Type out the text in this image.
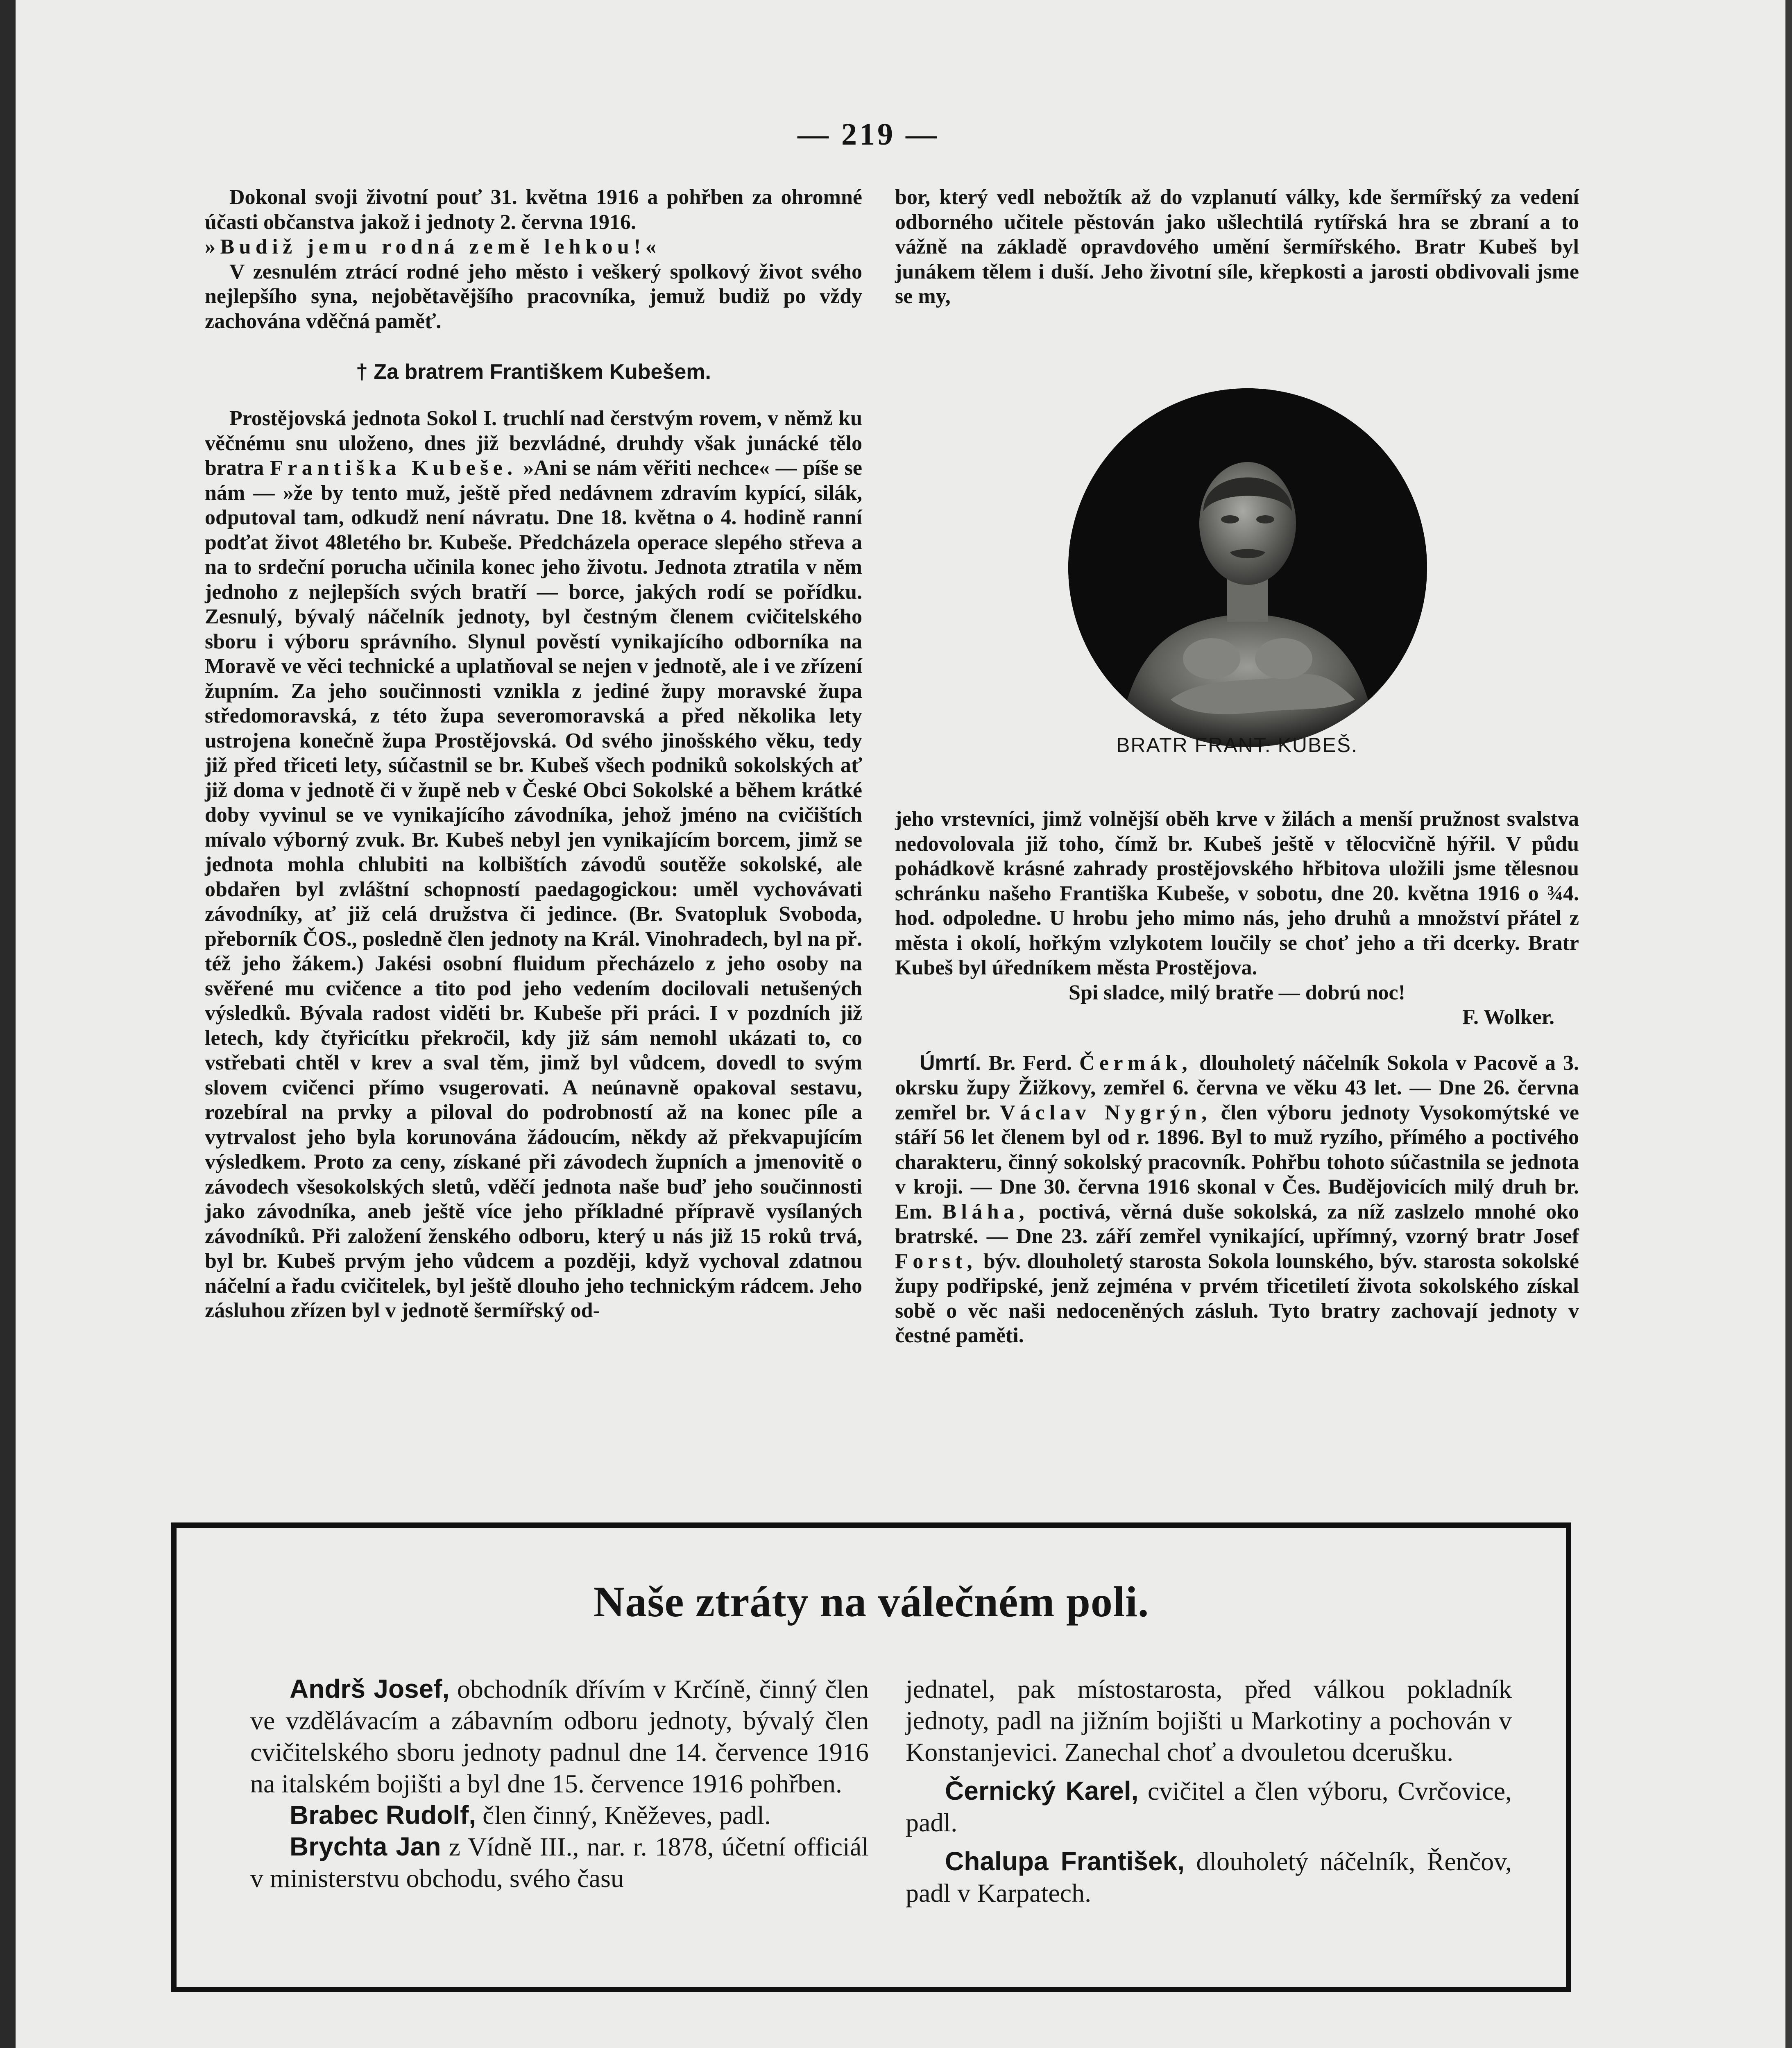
— 219 —

Dokonal svoji životní pouť 31. května 1916 a pohřben za ohromné účasti občanstva jakož i jednoty 2. června 1916.

»Budiž jemu rodná země lehkou!«

V zesnulém ztrácí rodné jeho město i veškerý spolkový život svého nejlepšího syna, nejobětavějšího pracovníka, jemuž budiž po vždy zachována vděčná paměť.

† Za bratrem Františkem Kubešem.

Prostějovská jednota Sokol I. truchlí nad čerstvým rovem, v němž ku věčnému snu uloženo, dnes již bezvládné, druhdy však junácké tělo bratra Františka Kubeše. »Ani se nám věřiti nechce« — píše se nám — »že by tento muž, ještě před nedávnem zdravím kypící, silák, odputoval tam, odkudž není návratu. Dne 18. května o 4. hodině ranní podťat život 48letého br. Kubeše. Předcházela operace slepého střeva a na to srdeční porucha učinila konec jeho životu. Jednota ztratila v něm jednoho z nejlepších svých bratří — borce, jakých rodí se pořídku. Zesnulý, bývalý náčelník jednoty, byl čestným členem cvičitelského sboru i výboru správního. Slynul pověstí vynikajícího odborníka na Moravě ve věci technické a uplatňoval se nejen v jednotě, ale i ve zřízení župním. Za jeho součinnosti vznikla z jediné župy moravské župa středomoravská, z této župa severomoravská a před několika lety ustrojena konečně župa Prostějovská. Od svého jinošského věku, tedy již před třiceti lety, súčastnil se br. Kubeš všech podniků sokolských ať již doma v jednotě či v župě neb v České Obci Sokolské a během krátké doby vyvinul se ve vynikajícího závodníka, jehož jméno na cvičištích mívalo výborný zvuk. Br. Kubeš nebyl jen vynikajícím borcem, jimž se jednota mohla chlubiti na kolbištích závodů soutěže sokolské, ale obdařen byl zvláštní schopností paedagogickou: uměl vychovávati závodníky, ať již celá družstva či jedince. (Br. Svatopluk Svoboda, přeborník ČOS., posledně člen jednoty na Král. Vinohradech, byl na př. též jeho žákem.) Jakési osobní fluidum přecházelo z jeho osoby na svěřené mu cvičence a tito pod jeho vedením docilovali netušených výsledků. Bývala radost viděti br. Kubeše při práci. I v pozdních již letech, kdy čtyřicítku překročil, kdy již sám nemohl ukázati to, co vstřebati chtěl v krev a sval těm, jimž byl vůdcem, dovedl to svým slovem cvičenci přímo vsugerovati. A neúnavně opakoval sestavu, rozebíral na prvky a piloval do podrobností až na konec píle a vytrvalost jeho byla korunována žádoucím, někdy až překvapujícím výsledkem. Proto za ceny, získané při závodech župních a jmenovitě o závodech všesokolských sletů, vděčí jednota naše buď jeho součinnosti jako závodníka, aneb ještě více jeho příkladné přípravě vysílaných závodníků. Při založení ženského odboru, který u nás již 15 roků trvá, byl br. Kubeš prvým jeho vůdcem a později, když vychoval zdatnou náčelní a řadu cvičitelek, byl ještě dlouho jeho technickým rádcem. Jeho zásluhou zřízen byl v jednotě šermířský od-

bor, který vedl nebožtík až do vzplanutí války, kde šermířský za vedení odborného učitele pěstován jako ušlechtilá rytířská hra se zbraní a to vážně na základě opravdového umění šermířského. Bratr Kubeš byl junákem tělem i duší. Jeho životní síle, křepkosti a jarosti obdivovali jsme se my,

BRATR FRANT. KUBEŠ.

jeho vrstevníci, jimž volnější oběh krve v žilách a menší pružnost svalstva nedovolovala již toho, čímž br. Kubeš ještě v tělocvičně hýřil. V půdu pohádkově krásné zahrady prostějovského hřbitova uložili jsme tělesnou schránku našeho Františka Kubeše, v sobotu, dne 20. května 1916 o ¾4. hod. odpoledne. U hrobu jeho mimo nás, jeho druhů a množství přátel z města i okolí, hořkým vzlykotem loučily se choť jeho a tři dcerky. Bratr Kubeš byl úředníkem města Prostějova.

Spi sladce, milý bratře — dobrú noc!

F. Wolker.

Úmrtí. Br. Ferd. Čermák, dlouholetý náčelník Sokola v Pacově a 3. okrsku župy Žižkovy, zemřel 6. června ve věku 43 let. — Dne 26. června zemřel br. Václav Nygrýn, člen výboru jednoty Vysokomýtské ve stáří 56 let členem byl od r. 1896. Byl to muž ryzího, přímého a poctivého charakteru, činný sokolský pracovník. Pohřbu tohoto súčastnila se jednota v kroji. — Dne 30. června 1916 skonal v Čes. Budějovicích milý druh br. Em. Bláha, poctivá, věrná duše sokolská, za níž zaslzelo mnohé oko bratrské. — Dne 23. září zemřel vynikající, upřímný, vzorný bratr Josef Forst, býv. dlouholetý starosta Sokola lounského, býv. starosta sokolské župy podřipské, jenž zejména v prvém třicetiletí života sokolského získal sobě o věc naši nedoceněných zásluh. Tyto bratry zachovají jednoty v čestné paměti.

Naše ztráty na válečném poli.

Andrš Josef, obchodník dřívím v Krčíně, činný člen ve vzdělávacím a zábavním odboru jednoty, bývalý člen cvičitelského sboru jednoty padnul dne 14. července 1916 na italském bojišti a byl dne 15. července 1916 pohřben.

Brabec Rudolf, člen činný, Kněževes, padl.

Brychta Jan z Vídně III., nar. r. 1878, účetní officiál v ministerstvu obchodu, svého času

jednatel, pak místostarosta, před válkou pokladník jednoty, padl na jižním bojišti u Markotiny a pochován v Konstanjevici. Zanechal choť a dvouletou dcerušku.

Černický Karel, cvičitel a člen výboru, Cvrčovice, padl.

Chalupa František, dlouholetý náčelník, Řenčov, padl v Karpatech.
